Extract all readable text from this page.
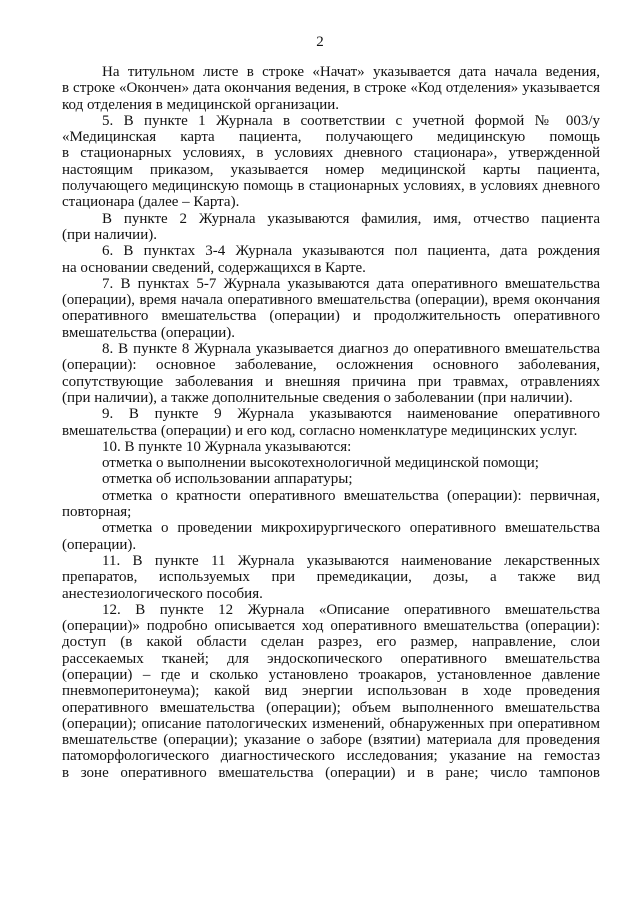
2
На титульном листе в строке «Начат» указывается дата начала ведения,
в строке «Окончен» дата окончания ведения, в строке «Код отделения» указывается
код отделения в медицинской организации.
5. В пункте 1 Журнала в соответствии с учетной формой № 003/у
«Медицинская карта пациента, получающего медицинскую помощь
в стационарных условиях, в условиях дневного стационара», утвержденной
настоящим приказом, указывается номер медицинской карты пациента,
получающего медицинскую помощь в стационарных условиях, в условиях дневного
стационара (далее – Карта).
В пункте 2 Журнала указываются фамилия, имя, отчество пациента
(при наличии).
6. В пунктах 3-4 Журнала указываются пол пациента, дата рождения
на основании сведений, содержащихся в Карте.
7. В пунктах 5-7 Журнала указываются дата оперативного вмешательства
(операции), время начала оперативного вмешательства (операции), время окончания
оперативного вмешательства (операции) и продолжительность оперативного
вмешательства (операции).
8. В пункте 8 Журнала указывается диагноз до оперативного вмешательства
(операции): основное заболевание, осложнения основного заболевания,
сопутствующие заболевания и внешняя причина при травмах, отравлениях
(при наличии), а также дополнительные сведения о заболевании (при наличии).
9. В пункте 9 Журнала указываются наименование оперативного
вмешательства (операции) и его код, согласно номенклатуре медицинских услуг.
10. В пункте 10 Журнала указываются:
отметка о выполнении высокотехнологичной медицинской помощи;
отметка об использовании аппаратуры;
отметка о кратности оперативного вмешательства (операции): первичная,
повторная;
отметка о проведении микрохирургического оперативного вмешательства
(операции).
11. В пункте 11 Журнала указываются наименование лекарственных
препаратов, используемых при премедикации, дозы, а также вид
анестезиологического пособия.
12. В пункте 12 Журнала «Описание оперативного вмешательства
(операции)» подробно описывается ход оперативного вмешательства (операции):
доступ (в какой области сделан разрез, его размер, направление, слои
рассекаемых тканей; для эндоскопического оперативного вмешательства
(операции) – где и сколько установлено троакаров, установленное давление
пневмоперитонеума); какой вид энергии использован в ходе проведения
оперативного вмешательства (операции); объем выполненного вмешательства
(операции); описание патологических изменений, обнаруженных при оперативном
вмешательстве (операции); указание о заборе (взятии) материала для проведения
патоморфологического диагностического исследования; указание на гемостаз
в зоне оперативного вмешательства (операции) и в ране; число тампонов
